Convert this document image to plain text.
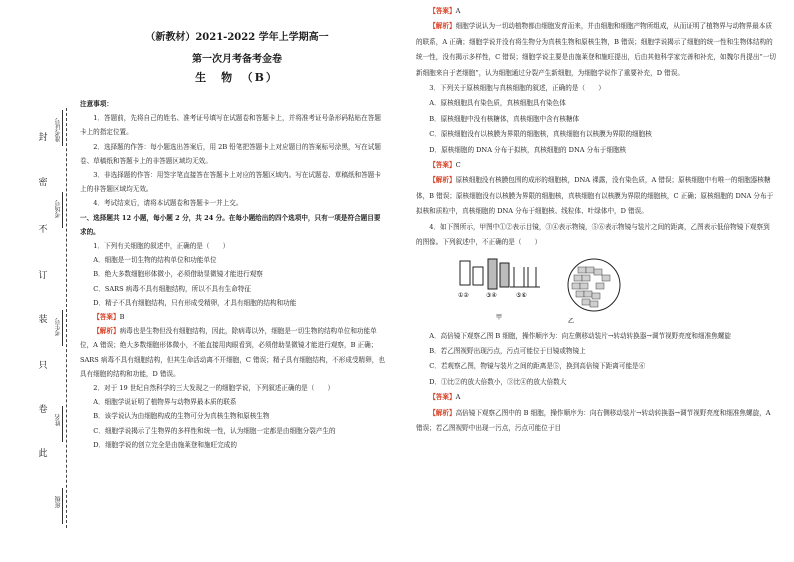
封
密
不
订
装
只
卷
此
准考证号
考场号
考生号
姓名
班级
（新教材）2021-2022 学年上学期高一
第一次月考备考金卷
生　物　（B）
注意事项：
1．答题前，先将自己的姓名、准考证号填写在试题卷和答题卡上，并将准考证号条形码粘贴在答题卡上的指定位置。
2．选择题的作答：每小题选出答案后，用 2B 铅笔把答题卡上对应题目的答案标号涂黑，写在试题卷、草稿纸和答题卡上的非答题区域均无效。
3．非选择题的作答：用签字笔直接答在答题卡上对应的答题区域内。写在试题卷、草稿纸和答题卡上的非答题区域均无效。
4．考试结束后，请将本试题卷和答题卡一并上交。
一、选择题共 12 小题，每小题 2 分，共 24 分。在每小题给出的四个选项中，只有一项是符合题目要求的。
1．下列有关细胞的叙述中，正确的是（　　）
A．细胞是一切生物的结构单位和功能单位
B．绝大多数细胞形体微小，必须借助显微镜才能进行观察
C．SARS 病毒不具有细胞结构，所以不具有生命特征
D．精子不具有细胞结构，只有形成受精卵，才具有细胞的结构和功能
【答案】B
【解析】病毒也是生物但没有细胞结构，因此，除病毒以外，细胞是一切生物的结构单位和功能单位，A 错误；绝大多数细胞形体微小，不能直接用肉眼看到，必须借助显微镜才能进行观察，B 正确；SARS 病毒不具有细胞结构，但其生命活动离不开细胞，C 错误；精子具有细胞结构，不形成受精卵，也具有细胞的结构和功能，D 错误。
2．对于 19 世纪自然科学的三大发现之一的细胞学说，下列叙述正确的是（　　）
A．细胞学说证明了植物界与动物界最本质的联系
B．该学说认为由细胞构成的生物可分为真核生物和原核生物
C．细胞学说揭示了生物界的多样性和统一性，认为细胞一定都是由细胞分裂产生的
D．细胞学说的创立完全是由施莱登和施旺完成的
【答案】A
【解析】细胞学说认为一切动植物都由细胞发育而来，并由细胞和细胞产物所组成，从而证明了植物界与动物界最本质的联系，A 正确；细胞学说并没有将生物分为真核生物和原核生物，B 错误；细胞学说揭示了细胞的统一性和生物体结构的统一性，没有揭示多样性，C 错误；细胞学说主要是由施莱登和施旺提出，后由其他科学家完善和补充，如魏尔肖提出“一切新细胞来自于老细胞”，认为细胞通过分裂产生新细胞，为细胞学说作了重要补充，D 错误。
3．下列关于原核细胞与真核细胞的叙述，正确的是（　　）
A．原核细胞具有染色质，真核细胞具有染色体
B．原核细胞中没有核糖体，真核细胞中含有核糖体
C．原核细胞没有以核膜为界限的细胞核，真核细胞有以核膜为界限的细胞核
D．原核细胞的 DNA 分布于拟核，真核细胞的 DNA 分布于细胞核
【答案】C
【解析】原核细胞没有核膜包围的成形的细胞核，DNA 裸露，没有染色质，A 错误；原核细胞中有唯一的细胞器核糖体，B 错误；原核细胞没有以核膜为界限的细胞核，真核细胞有以核膜为界限的细胞核，C 正确；原核细胞的 DNA 分布于拟核和质粒中，真核细胞的 DNA 分布于细胞核、线粒体、叶绿体中，D 错误。
4．如下图所示，甲图中①②表示目镜，③④表示物镜，⑤⑥表示物镜与装片之间的距离，乙图表示低倍物镜下观察到的图像。下列叙述中，不正确的是（　　）
①②	③④	⑤⑥
甲
乙
A．高倍镜下观察乙图 B 细胞，操作顺序为：向左侧移动装片→转动转换器→调节视野亮度和细准焦螺旋
B．若乙图视野出现污点，污点可能位于目镜或物镜上
C．若观察乙图，物镜与装片之间的距离是⑤，换到高倍镜下距离可能是⑥
D．①比②的放大倍数小，③比④的放大倍数大
【答案】A
【解析】高倍镜下观察乙图中的 B 细胞，操作顺序为：向右侧移动装片→转动转换器→调节视野亮度和细准焦螺旋，A 错误；若乙图视野中出现一污点，污点可能位于目
